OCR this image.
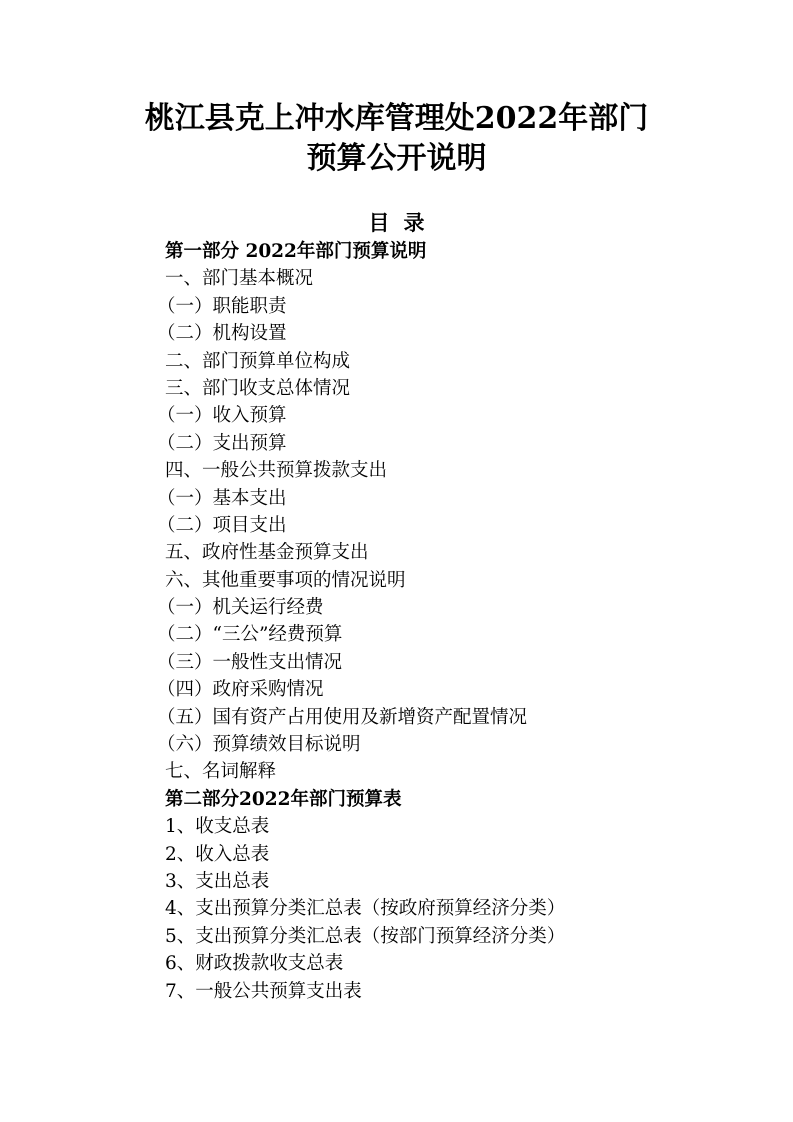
桃江县克上冲水库管理处2022年部门
预算公开说明
目录
第一部分 2022年部门预算说明
一、部门基本概况
（一）职能职责
（二）机构设置
二、部门预算单位构成
三、部门收支总体情况
（一）收入预算
（二）支出预算
四、一般公共预算拨款支出
（一）基本支出
（二）项目支出
五、政府性基金预算支出
六、其他重要事项的情况说明
（一）机关运行经费
（二）“三公”经费预算
（三）一般性支出情况
（四）政府采购情况
（五）国有资产占用使用及新增资产配置情况
（六）预算绩效目标说明
七、名词解释
第二部分2022年部门预算表
1、收支总表
2、收入总表
3、支出总表
4、支出预算分类汇总表（按政府预算经济分类）
5、支出预算分类汇总表（按部门预算经济分类）
6、财政拨款收支总表
7、一般公共预算支出表
